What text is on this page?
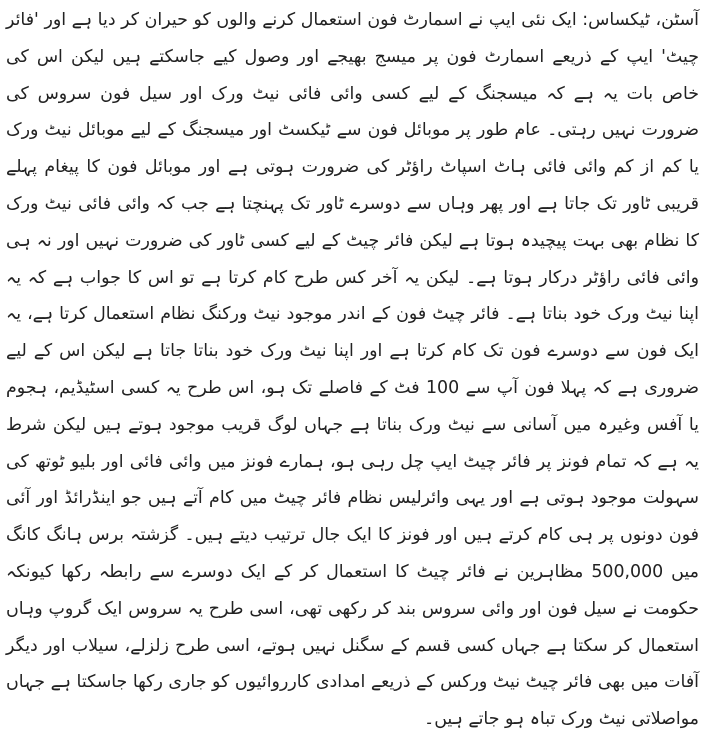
آسٹن، ٹیکساس: ایک نئی ایپ نے اسمارٹ فون استعمال کرنے والوں کو حیران کر دیا ہے اور 'فائر چیٹ' ایپ کے ذریعے اسمارٹ فون پر میسج بھیجے اور وصول کیے جاسکتے ہیں لیکن اس کی خاص بات یہ ہے کہ میسجنگ کے لیے کسی وائی فائی نیٹ ورک اور سیل فون سروس کی ضرورت نہیں رہتی۔ عام طور پر موبائل فون سے ٹیکسٹ اور میسجنگ کے لیے موبائل نیٹ ورک یا کم از کم وائی فائی ہاٹ اسپاٹ راؤٹر کی ضرورت ہوتی ہے اور موبائل فون کا پیغام پہلے قریبی ٹاور تک جاتا ہے اور پھر وہاں سے دوسرے ٹاور تک پہنچتا ہے جب کہ وائی فائی نیٹ ورک کا نظام بھی بہت پیچیدہ ہوتا ہے لیکن فائر چیٹ کے لیے کسی ٹاور کی ضرورت نہیں اور نہ ہی وائی فائی راؤٹر درکار ہوتا ہے۔ لیکن یہ آخر کس طرح کام کرتا ہے تو اس کا جواب ہے کہ یہ اپنا نیٹ ورک خود بناتا ہے۔ فائر چیٹ فون کے اندر موجود نیٹ ورکنگ نظام استعمال کرتا ہے، یہ ایک فون سے دوسرے فون تک کام کرتا ہے اور اپنا نیٹ ورک خود بناتا جاتا ہے لیکن اس کے لیے ضروری ہے کہ پہلا فون آپ سے 100 فٹ کے فاصلے تک ہو، اس طرح یہ کسی اسٹیڈیم، ہجوم یا آفس وغیرہ میں آسانی سے نیٹ ورک بناتا ہے جہاں لوگ قریب موجود ہوتے ہیں لیکن شرط یہ ہے کہ تمام فونز پر فائر چیٹ ایپ چل رہی ہو، ہمارے فونز میں وائی فائی اور بلیو ٹوتھ کی سہولت موجود ہوتی ہے اور یہی وائرلیس نظام فائر چیٹ میں کام آتے ہیں جو اینڈرائڈ اور آئی فون دونوں پر ہی کام کرتے ہیں اور فونز کا ایک جال ترتیب دیتے ہیں۔ گزشتہ برس ہانگ کانگ میں 500,000 مظاہرین نے فائر چیٹ کا استعمال کر کے ایک دوسرے سے رابطہ رکھا کیونکہ حکومت نے سیل فون اور وائی سروس بند کر رکھی تھی، اسی طرح یہ سروس ایک گروپ وہاں استعمال کر سکتا ہے جہاں کسی قسم کے سگنل نہیں ہوتے، اسی طرح زلزلے، سیلاب اور دیگر آفات میں بھی فائر چیٹ نیٹ ورکس کے ذریعے امدادی کارروائیوں کو جاری رکھا جاسکتا ہے جہاں مواصلاتی نیٹ ورک تباہ ہو جاتے ہیں۔
